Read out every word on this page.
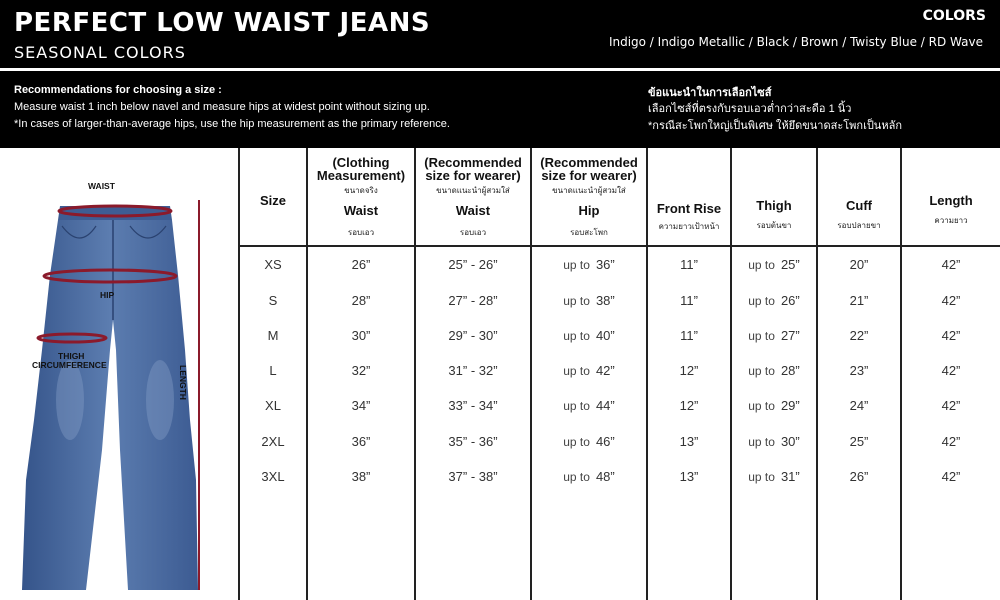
PERFECT LOW WAIST JEANS
SEASONAL COLORS
COLORS
Indigo / Indigo Metallic / Black / Brown / Twisty Blue / RD Wave
Recommendations for choosing a size :
Measure waist 1 inch below navel and measure hips at widest point without sizing up.
*In cases of larger-than-average hips, use the hip measurement as the primary reference.
ข้อแนะนำในการเลือกไซส์
เลือกไซส์ที่ตรงกับรอบเอวต่ำกว่าสะดือ 1 นิ้ว
*กรณีสะโพกใหญ่เป็นพิเศษ ให้ยึดขนาดสะโพกเป็นหลัก
WAIST
HIP
THIGH
CIRCUMFERENCE	LENGTH
Size
(Clothing
Measurement)
ขนาดจริง
Waist
รอบเอว
(Recommended
size for wearer)
ขนาดแนะนำผู้สวมใส่
Waist
รอบเอว
(Recommended
size for wearer)
ขนาดแนะนำผู้สวมใส่
Hip
รอบสะโพก
Front Rise
ความยาวเป้าหน้า
Thigh
รอบต้นขา
Cuff
รอบปลายขา
Length
ความยาว
XS	26”	25” - 26”	up to 36”	11”	up to 25”	20”	42”
S	28”	27” - 28”	up to 38”	11”	up to 26”	21”	42”
M	30”	29” - 30”	up to 40”	11”	up to 27”	22”	42”
L	32”	31” - 32”	up to 42”	12”	up to 28”	23”	42”
XL	34”	33” - 34”	up to 44”	12”	up to 29”	24”	42”
2XL	36”	35” - 36”	up to 46”	13”	up to 30”	25”	42”
3XL	38”	37” - 38”	up to 48”	13”	up to 31”	26”	42”
